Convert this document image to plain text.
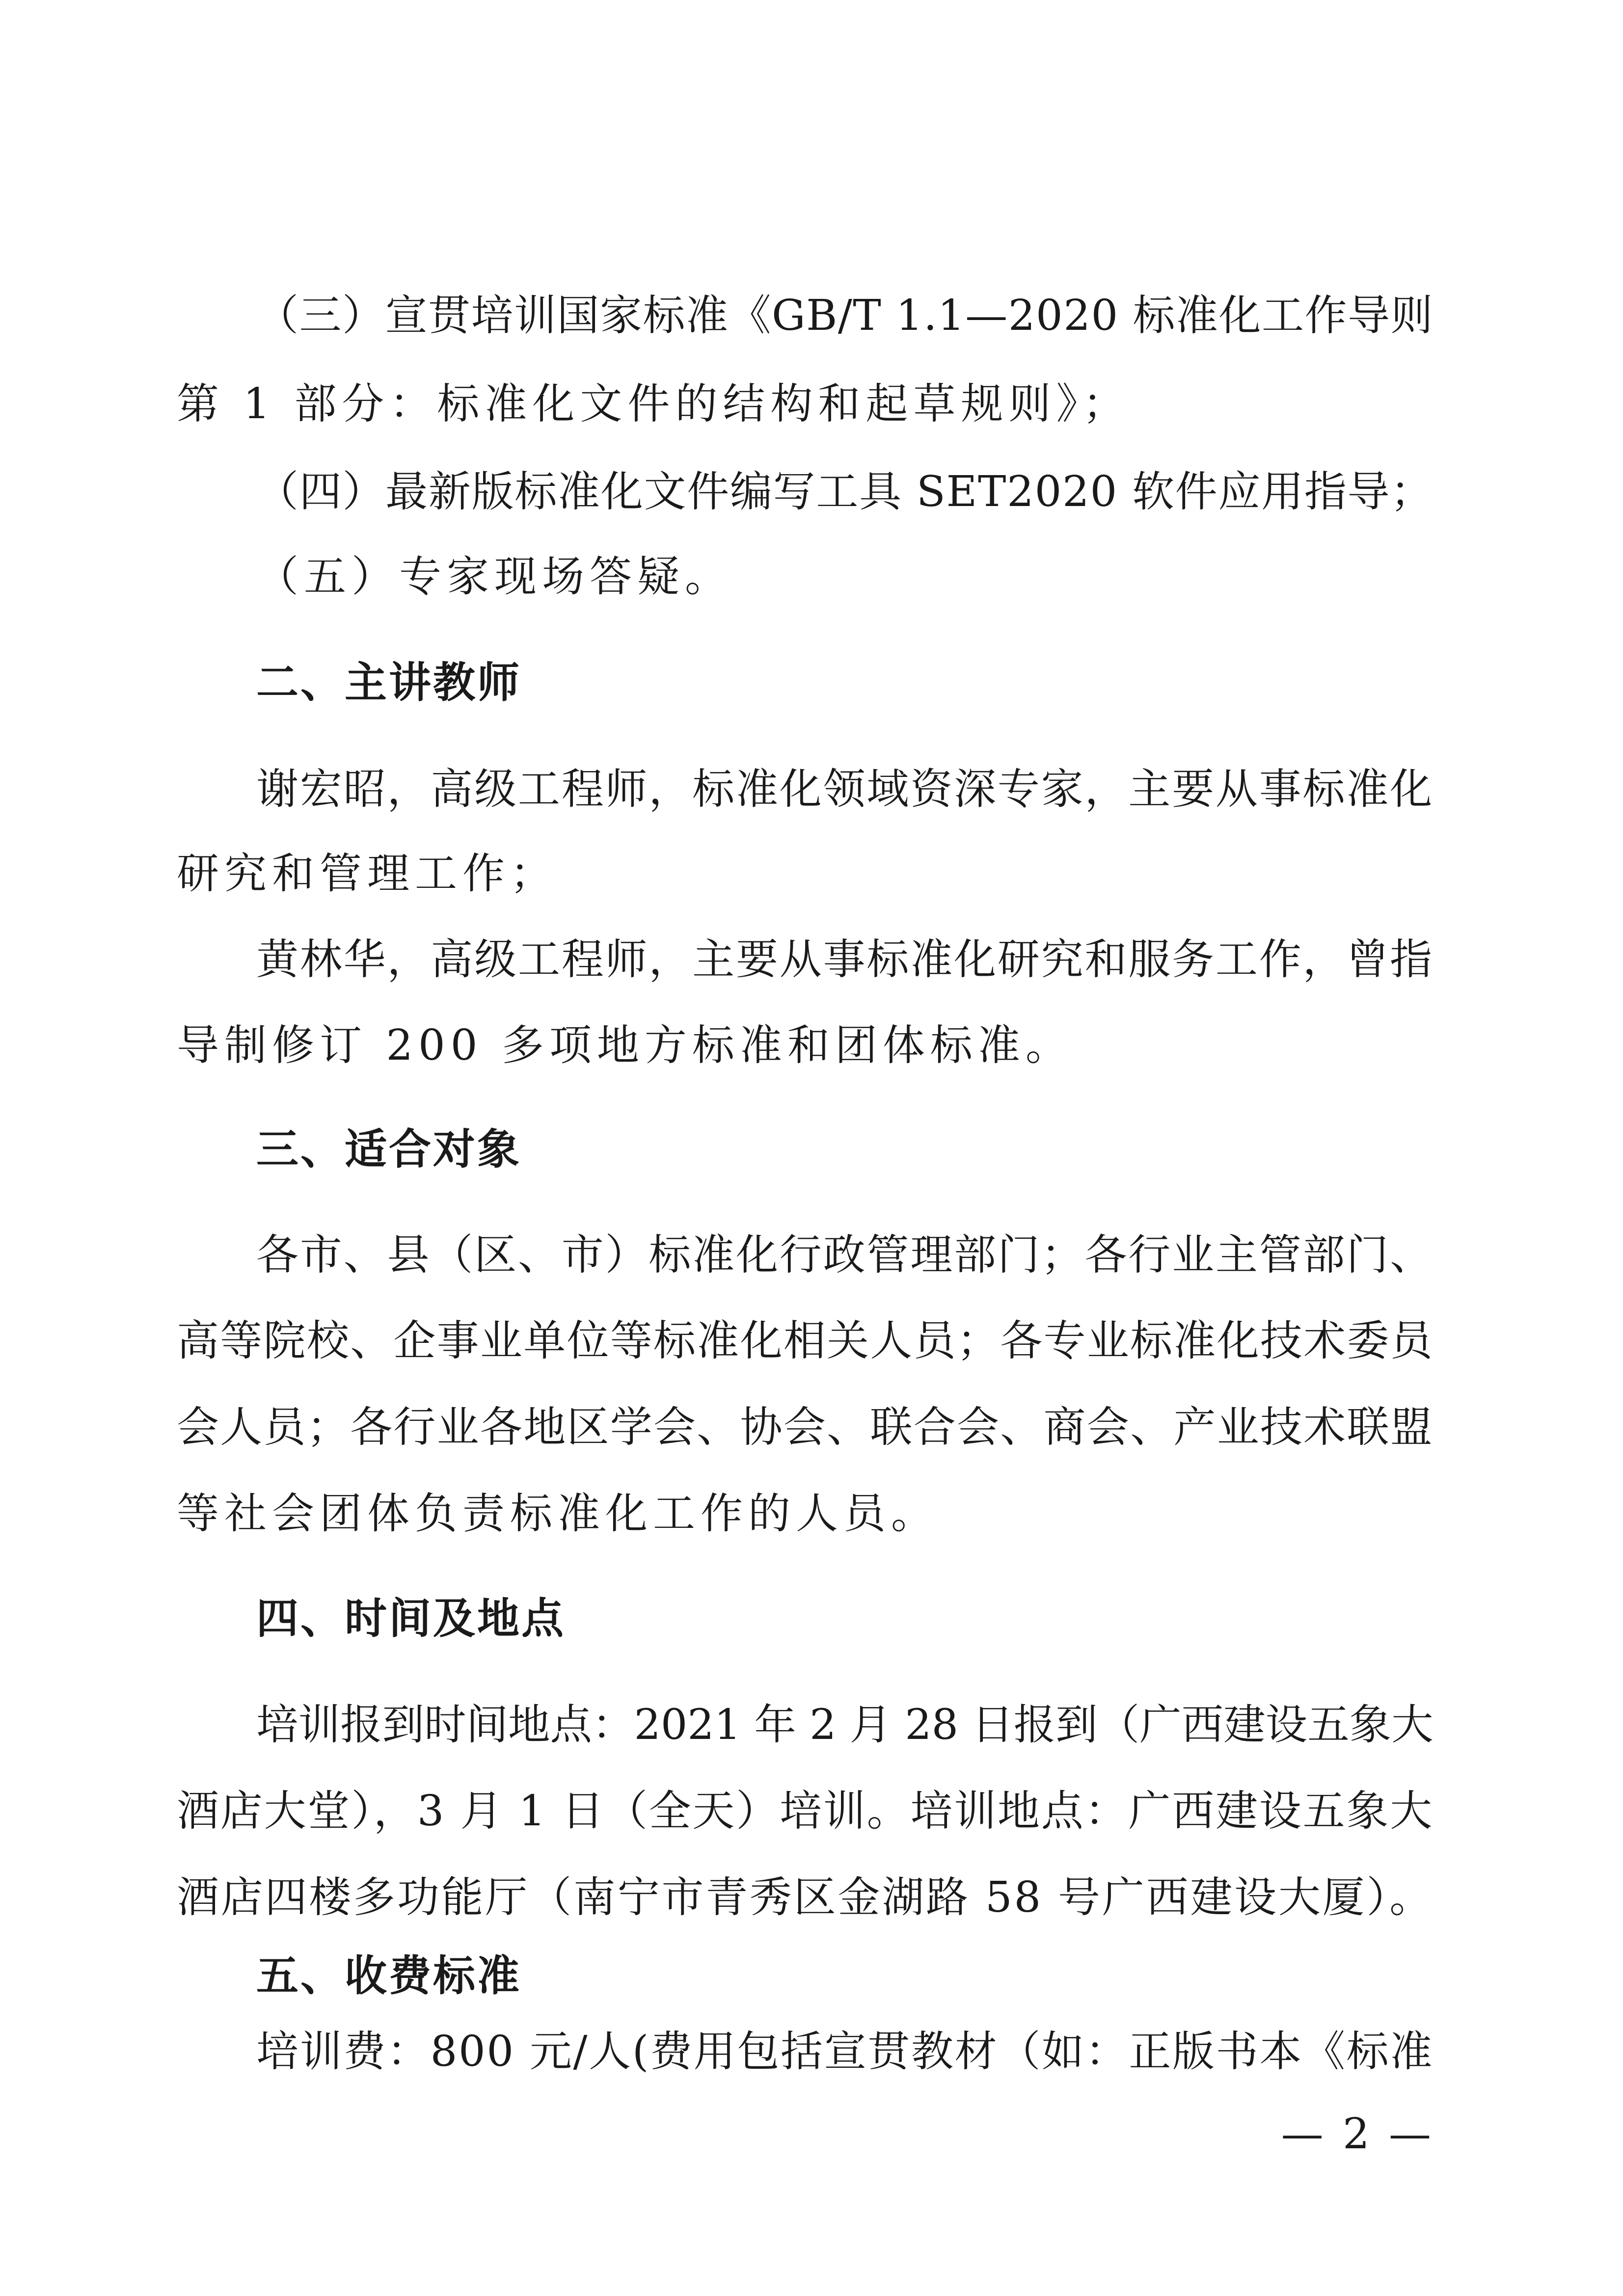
（三）宣贯培训国家标准《GB/T 1.1—2020 标准化工作导则
第 1 部分：标准化文件的结构和起草规则》；
（四）最新版标准化文件编写工具 SET2020 软件应用指导；
（五）专家现场答疑。
二、主讲教师
谢宏昭，高级工程师，标准化领域资深专家，主要从事标准化
研究和管理工作；
黄林华，高级工程师，主要从事标准化研究和服务工作，曾指
导制修订 200 多项地方标准和团体标准。
三、适合对象
各市、县（区、市）标准化行政管理部门；各行业主管部门、
高等院校、企事业单位等标准化相关人员；各专业标准化技术委员
会人员；各行业各地区学会、协会、联合会、商会、产业技术联盟
等社会团体负责标准化工作的人员。
四、时间及地点
培训报到时间地点：2021 年 2 月 28 日报到（广西建设五象大
酒店大堂），3 月 1 日（全天）培训。培训地点：广西建设五象大
酒店四楼多功能厅（南宁市青秀区金湖路 58 号广西建设大厦）。
五、收费标准
培训费：800 元/人(费用包括宣贯教材（如：正版书本《标准
— 2 —
